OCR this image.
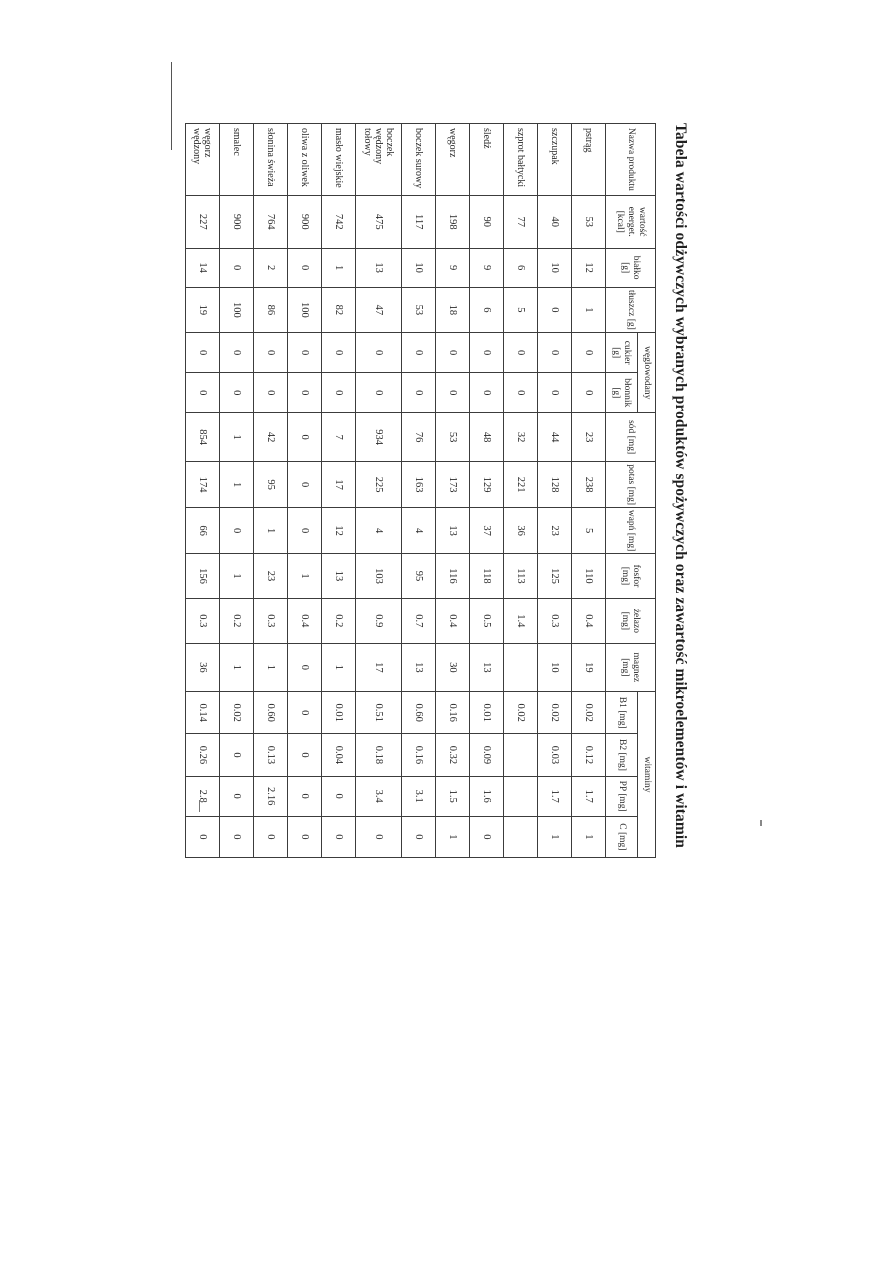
Tabela wartości odżywczych wybranych produktów spożywczych oraz zawartość mikroelementów i witamin
Nazwa produktu	wartość energet. [kcal]	białko [g]	tłuszcz [g]	węglowodany		sód [mg]	potas [mg]	wapń [mg]	fosfor [mg]	żelazo [mg]	magnez [mg]	witaminy			
				cukier [g]	błonnik [g]							B1 [mg]	B2 [mg]	PP [mg]	C [mg]
pstrąg	53	12	1	0	0	23	238	5	110	0.4	19	0.02	0.12	1.7	1
szczupak	40	10	0	0	0	44	128	23	125	0.3	10	0.02	0.03	1.7	1
szprot bałtycki	77	6	5	0	0	32	221	36	113	1.4		0.02			
śledź	90	9	6	0	0	48	129	37	118	0.5	13	0.01	0.09	1.6	0
węgorz	198	9	18	0	0	53	173	13	116	0.4	30	0.16	0.32	1.5	1
boczek surowy	117	10	53	0	0	76	163	4	95	0.7	13	0.60	0.16	3.1	0
boczek wędzony tołowy	475	13	47	0	0	934	225	4	103	0.9	17	0.51	0.18	3.4	0
masło wiejskie	742	1	82	0	0	7	17	12	13	0.2	1	0.01	0.04	0	0
oliwa z oliwek	900	0	100	0	0	0	0	0	1	0.4	0	0	0	0	0
słonina świeża	764	2	86	0	0	42	95	1	23	0.3	1	0.60	0.13	2.16	0
smalec	900	0	100	0	0	1	1	0	1	0.2	1	0.02	0	0	0
węgorz wędzony	227	14	19	0	0	854	174	66	156	0.3	36	0.14	0.26	2.8	0
